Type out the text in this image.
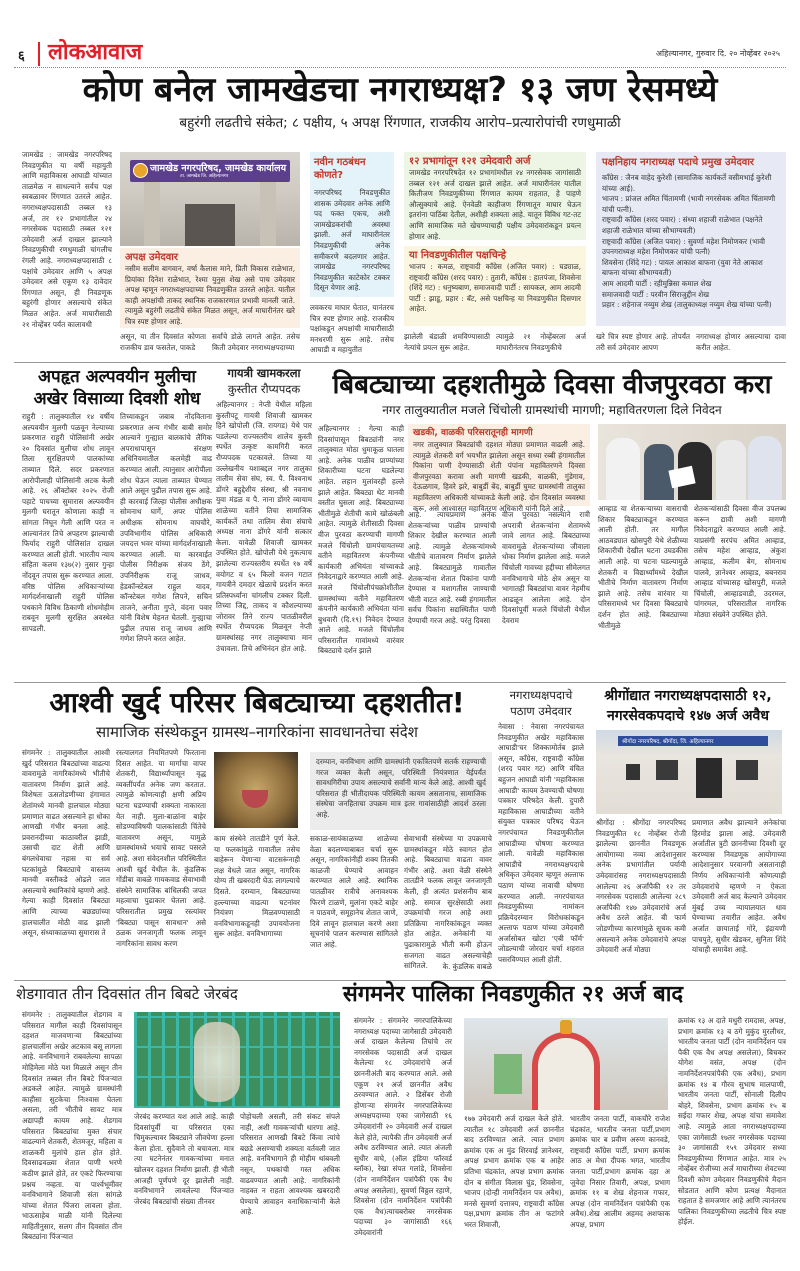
६ लोकआवाज	अहिल्यानगर, गुरुवार दि. २० नोव्हेंबर २०२५
कोण बनेल जामखेडचा नगराध्यक्ष? १३ जण रेसमध्ये
बहुरंगी लढतीचे संकेत; ८ पक्षीय, ५ अपक्ष रिंगणात, राजकीय आरोप–प्रत्यारोपांची रणधुमाळी
जामखेड : जामखेड नगरपरिषद निवडणुकीत या वर्षी महायुती आणि महाविकास आघाडी यांच्यात ताळमेळ न साधल्याने सर्वच पक्ष स्वबळावर रिंगणात उतरले आहेत. नगराध्यक्षपदासाठी तब्बल १३ अर्ज, तर १२ प्रभागांतील २४ नगरसेवक पदासाठी तब्बल १२१ उमेदवारी अर्ज दाखल झाल्याने निवडणुकीची रणधुमाळी चांगलीच रंगली आहे. नगराध्यक्षपदासाठी ८ पक्षांचे उमेदवार आणि ५ अपक्ष उमेदवार असे एकूण १३ दावेदार रिंगणात असून, ही निवडणूक बहुरंगी होणार असल्याचे संकेत मिळत आहेत. अर्ज माघारीसाठी २१ नोव्हेंबर पर्यंत कालावधी
जामखेड नगरपरिषद, जामखेड कार्यालय
ता. जामखेड जि. अहिल्यानगर
अपक्ष उमेदवार
नसीम सलीम बागवान, वर्षा कैलास माने, प्रिती विकास राळेभात, प्रियांका दिनेश राळेभात, रेश्मा युनुस शेख असे पाच उमेदवार अपक्ष म्हणून नगराध्यक्षपदाच्या निवडणुकीत उतरले आहेत. यातील काही अपक्षांची ताकद स्थानिक राजकारणात प्रभावी मानली जाते. त्यामुळे बहुरंगी लढतीचे संकेत मिळत असून, अर्ज माघारीनंतर खरे चित्र स्पष्ट होणार आहे.
असून, या तीन दिवसांत कोणता राजकीय डाव फसतेल, पाकडे
सर्वांचे डोळे लागले आहेत. तसेच किती उमेदवार नगराध्यक्षपदाच्या
नवीन गठबंधन कोणते?
नगरपरिषद निवडणुकीत शासक उमेदवार अनेक आणि पद फक्त एकच, अशी जामखेडकरांची अवस्था झाली. अर्ज माघारीनंतर निवडणुकीची अनेक समीकरणे बदलणार आहेत. जामखेड नगरपरिषद निवडणुकीत काटेकोर टक्कर दिसून येणार आहे.
लवकरच माघार घेतात, यानंतरच चित्र स्पष्ट होणार आहे. राजकीय पक्षांकडून अपक्षांची माघारीसाठी मनधरणी सुरू आहे. तसेच आघाडी व महायुतीत
१२ प्रभागांतून १२१ उमेदवारी अर्ज
जामखेड नगरपरिषदेत १२ प्रभागांमधील २४ नगरसेवक जागांसाठी तब्बल १२१ अर्ज दाखल झाले आहेत. अर्ज माघारीनंतर यातील कितीजण निवडणुकीच्या रिंगणात कायम राहतात, हे पाहणे औत्सुक्याचे आहे. ऐनवेळी काहीजण रिंगणातून माघार घेऊन इतरांना पाठिंबा देतील, अशीही शक्यता आहे. यातून विविध गट-तट आणि सामाजिक मते खेचण्याचाही पक्षीय उमेदवारांकडून प्रयत्न होणार आहे.
या निवडणुकीतील पक्षचिन्हे
भाजप : कमळ, राष्ट्रवादी काँग्रेस (अजित पवार) : घड्याळ, राष्ट्रवादी काँग्रेस (शरद पवार) : तुतारी, काँग्रेस : हातपंजा, शिवसेना (शिंदे गट) : धनुष्यबाण, समाजवादी पार्टी : सायकल, आम आदमी पार्टी : झाडू, प्रहार : बॅट, असे पक्षचिन्ह या निवडणुकीत दिसणार आहेत.
झालेली बंडाळी शमविण्यासाठी नेत्यांचे प्रयत्न सुरू आहेत.
त्यामुळे २१ नोव्हेंबरला अर्ज माघारीनंतरच निवडणुकीचे
पक्षनिहाय नगराध्यक्ष पदाचे प्रमुख उमेदवार
काँग्रेस : जैनब वाहेद कुरेशी (सामाजिक कार्यकर्ते वसीमभाई कुरेशी यांच्या आई).
भाजप : प्रांजल अमित चिंतामणी (भावी नगरसेवक अमित चिंतामणी यांची पत्नी).
राष्ट्रवादी काँग्रेस (शरद पवार) : संध्या शहाजी राळेभात (पक्षनेते शहाजी राळेभात यांच्या सौभाग्यवती)
राष्ट्रवादी काँग्रेस (अजित पवार) : सुवर्णा महेश निमोणकर (भावी उपनगराध्यक्ष महेश निमोणकर यांची पत्नी)
शिवसेना (शिंदे गट) : पायल आकाश बाफना (युवा नेते आकाश बाफना यांच्या सौभाग्यवती)
आम आदमी पार्टी : रहीमुन्निसा कमाल शेख
समाजवादी पार्टी : परवीन सिराजुद्दीन शेख
प्रहार : शहेनाज नय्युम शेख (तालुकाध्यक्ष नय्युम शेख यांच्या पत्नी)
खरे चित्र स्पष्ट होणार आहे. तोपर्यंत तरी सर्व उमेदवार आपण
नगराध्यक्ष होणार असल्याचा दावा करीत आहेत.
अपहृत अल्पवयीन मुलीचा अखेर विसाव्या दिवशी शोध
राहुरी : तालुक्यातील १४ वर्षीय अल्पवयीन मुलगी पळवून नेल्याच्या प्रकरणात राहुरी पोलिसांनी अखेर २० दिवसांत मुलीचा शोध लावून तिला सुरक्षितपणे पालकांच्या ताब्यात दिले. सदर प्रकरणात आरोपीलाही पोलिसांनी अटक केली आहे. २६ ऑक्टोबर २०२५ रोजी पहाटे पाचच्या सुमारास अल्पवयीन मुलगी घरातून कोणाला काही न सांगता निघून गेली आणि परत न आल्यानंतर तिचे अपहरण झाल्याची फिर्याद राहुरी पोलिसांत दाखल करण्यात आली होती. भारतीय न्याय संहिता कलम १३७(२) नुसार गुन्हा नोंदवून तपास सुरू करण्यात आला. वरिष्ठ पोलिस अधिकाऱ्यांच्या मार्गदर्शनाखाली राहुरी पोलिस पथकाने विविध ठिकाणी शोधमोहीम राबवून मुलगी सुरक्षित अवस्थेत सापडली.
तिच्याकडून जबाब नोंदविताना प्रकरणात अन्य गंभीर बाबी समोर आल्याने गुन्ह्यात बालकांचे लैंगिक अपराधापासून संरक्षण अधिनियमातील कलमेही वाढ करण्यात आली. त्यानुसार आरोपीला शोध घेऊन त्याला ताब्यात घेण्यात आले असून पुढील तपास सुरू आहे. ही कारवाई जिल्हा पोलीस अधीक्षक सोमनाथ घार्गे, अपर पोलिस अधीक्षक सोमनाथ वाघचौरे, उपविभागीय पोलिस अधिकारी जयदत्त भवर यांच्या मार्गदर्शनाखाली करण्यात आली. या कारवाईत पोलीस निरीक्षक संजय ठेंगे, उपनिरीक्षक राजू जाधव, हेडकॉन्स्टेबल राहुल यादव, कॉन्स्टेबल गणेश लिपने, सचिन ताजने, अनीता गुप्ते, वंदना पवार यांनी विशेष मेहनत घेतली. गुन्ह्याचा पुढील तपास राजू जाधव आणि गणेश लिपने करत आहेत.
गायत्री खामकरला
कुस्तीत रौप्यपदक
अहिल्यानगर : नेप्ती येथील महिला कुस्तीपटू गायत्री शिवाजी खामकर हिने खोपोली (जि. रायगड) येथे पार पडलेल्या राज्यस्तरीय शालेय कुस्ती स्पर्धेत उत्कृष्ट कामगिरी करत रौप्यपदक पटकावले. तिच्या या उल्लेखनीय यशाबद्दल नगर तालुका तालीम सेवा संघ, स्व. पै. विश्वनाथ डोंगरे बहुद्देशीय संस्था, श्री नवनाथ युवा मंडळ व पै. नाना डोंगरे व्यायाम शाळेच्या वतीने तिचा सामाजिक कार्यकर्ते तथा तालिम सेवा संघाचे अध्यक्ष नाना डोंगरे यांनी सत्कार केला. यावेळी शिवाजी खामकर उपस्थित होते. खोपोली येथे नुकत्याच झालेल्या राज्यस्तरीय स्पर्धेत १७ वर्षे वयोगट व ६५ किलो वजन गटात गायत्रीने दमदार खेळाचे प्रदर्शन करत प्रतिस्पर्ध्यांना चांगलीच टक्कर दिली. तिच्या जिद्द, ताकद व कौशल्याच्या जोरावर तिने राज्य पातळीवरील स्पर्धेत रौप्यपदक मिळवून नेप्ती ग्रामस्थांसह नगर तालुक्याचा मान उंचावला. तिचे अभिनंदन होत आहे.
बिबट्याच्या दहशतीमुळे दिवसा वीजपुरवठा करा
नगर तालुक्यातील मजले चिंचोली ग्रामस्थांची मागणी; महावितरणला दिले निवेदन
अहिल्यानगर : गेल्या काही दिवसांपासून बिबट्यांनी नगर तालुक्यात मोठा धुमाकूळ घातला आहे. अनेक पाळीव प्राण्यांच्या शिकारीच्या घटना घडलेल्या आहेत. लहान मुलांवरही हल्ले झाले आहेत. बिबट्या थेट मानवी वस्तीत घुसला आहे. बिबट्याच्या भीतीमुळे शेतीची कामे खोळंबली आहेत. त्यामुळे शेतीसाठी दिवसा वीज पुरवठा करण्याची मागणी मजले चिंचोली ग्रामपंचायतच्या वतीने महावितरण कंपनीच्या कार्यकारी अभियंता यांच्याकडे निवेदनाद्वारे करण्यात आली आहे. मजले चिंचोलीपंचक्रोशीतील ग्रामस्थांच्या वतीने महावितरण कंपनीने कार्यकारी अभियंता यांना बुधवारी (दि.१९) निवेदन देण्यात आले आहे. मजले चिंचोलीव परिसरातील गावांमध्ये वारंवार बिबट्याचे दर्शन झाले
खडकी, वाळकी परिसरातूनही मागणी
नगर तालुक्यात बिबट्यांची दहशत मोठ्या प्रमाणात वाढली आहे. त्यामुळे शेतकरी वर्ग भयभीत झालेला असून सध्या रब्बी हंगामातील पिकांना पाणी देण्यासाठी शेती पंपांना महावितरणने दिवसा वीजपुरवठा करावा अशी मागणी खडकी, वाळकी, गुंडेगाव, देऊळगाव, हिवरे झरे, बाबुर्डी बेंद, बाबुर्डी घुमट ग्रामस्थांनी तालुका महावितरण अधिकारी यांच्याकडे केली आहे. दोन दिवसांत व्यवस्था करू, असे आश्वासन महावितरण अधिकारी यांनी दिले आहे.
आहे. त्याचप्रमाणे अनेक शेतकऱ्यांच्या पाळीव प्राण्यांची शिकार देखील करण्यात आली आहे. त्यामुळे शेतकऱ्यांमध्ये भीतीचे वातावरण निर्माण झालेले आहे. बिबट्यामुळे गावातील शेतकऱ्यांना शेतात पिकांना पाणी देण्यास व मशागतीस जाण्याची भीती वाटत आहे. रब्बी हंगामातील सर्वच पिकांना सद्यस्थितीत पाणी देण्याची गरज आहे. परंतु दिवसा
वीज पुरवठा नसल्याने रात्री अपरात्री शेतकऱ्यांना शेतामध्ये जावे लागत आहे. बिबट्याच्या वावरामुळे शेतकऱ्यांच्या जीवाला धोका निर्माण झालेला आहे. मजले चिंचोली गावच्या हद्दीच्या सीमेलगत वनविभागाचे मोठे क्षेत्र असून या भागातही बिबट्यांचा वावर नेहमीच आढळून आलेला आहे. दोन दिवसांपूर्वी मजले चिंचोली येथील देवराम
आव्हाड या शेतकऱ्याच्या वासराची शिकार बिबट्याकडून करण्यात आली होती. तर मागील आठवड्यात खोसपुरी येथे शेळीच्या शिकारीची देखील घटना उघडकीस आली आहे. या घटना घडल्यामुळे शेतकरी व विद्यार्थ्यांमध्ये देखील भीतीचे निर्माण वातावरण निर्माण झाले आहे. तसेच वारंवार या परिसरामध्ये भर दिवसा बिबट्याचे दर्शन होत आहे. बिबट्याच्या भीतीमुळे
शेतकऱ्यांसाठी दिवसा वीज उपलब्ध करून द्यावी अशी मागणी निवेदनाद्वारे करण्यात आली आहे. याप्रसंगी सरपंच अमित आव्हाड, तसेच महेश आव्हाड, अंकुश आव्हाड, कलीम बेग, सोमनाथ पालवे, ज्ञानेश्वर आव्हाड, बबनराव आव्हाड यांच्यासह खोसपुरी, मजले चिंचोली, आव्हाडवाडी, उदरमल, पांगरमल, परिसरातील नागरिक मोठ्या संख्येने उपस्थित होते.
आश्वी खुर्द परिसर बिबट्याच्या दहशतीत!
सामाजिक संस्थेकडून ग्रामस्थ–नागरिकांना सावधानतेचा संदेश
संगमनेर : तालुक्यातील आश्वी खुर्द परिसरात बिबट्यांच्या वाढत्या वावरामुळे नागरिकांमध्ये भीतीचे वातावरण निर्माण झाले आहे. विशेषतः ऊसतोडणीच्या हंगामात शेतांमध्ये मानवी हालचाल मोठ्या प्रमाणात वाढत असल्याने हा धोका आणखी गंभीर बनला आहे. प्रवरानदीच्या काठावरील झाडी, उसाची दाट शेती आणि बंगलधेवाचा नहास या सर्व घटकांमुळे बिबट्याचे वास्तव्य मानवी वस्तीकडे ओढले जात असल्याचे स्थानिकांचे म्हणणे आहे. गेल्या काही दिवसांत बिबट्या आणि त्याच्या बछड्यांच्या हालचालीत मोठी वाढ झाली असून, संध्याकाळच्या सुमारास ते
रस्त्यालगत नियमितपणे फिरताना दिसत आहेत. या मार्गाचा वापर शेतकरी, विद्यार्थ्यांपासून वृद्ध व्यक्तींपर्यंत अनेक जण करतात. त्यामुळे कोणत्याही क्षणी अप्रिय घटना घडण्याची शक्यता नाकारता येत नाही. मुला-बाळांना बाहेर सोडण्याविषयी पालकांसाठी चिंतेचे वातावरण असून, यामुळे ग्रामस्थांमध्ये भयाचे सावट पसरले आहे. अशा संवेदनशील परिस्थितीत आश्वी खुर्द येथील के. कुंडलिक गोंडीबा वाबळे गायकवाड सेवाभावी संस्थेने सामाजिक बांधिलकी जपत महत्वाचा पुढाकार घेतला आहे. परिसरातील प्रमुख रस्त्यांवर 'बिबट्या पासून सावधान' असे ठळक जनजागृती फलक लावून नागरिकांना सावध करण
काम संस्थेने तातडीने पूर्ण केले. या फलकांमुळे गावातील तसेच बाहेरून येणाऱ्या वाटसरूंनाही लक्ष वेधले जात असून, नागरिक योग्य ती खबरदारी घेऊ लागल्याचे दिसते. दरम्यान, बिबट्याच्या हल्ल्याच्या वाढत्या घटनांवर नियंत्रण मिळवण्यासाठी वनविभागाकडूनही उपाययोजना सुरू आहेत. वनविभागाच्या
दरम्यान, वनविभाग आणि ग्रामस्थांनी एकत्रितपणे सतर्क राहण्याची गरज व्यक्त केली असून, परिस्थिती नियंत्रणात येईपर्यंत सावधगिरीचा उपाय असल्याचे सर्वांनी मान्य केले आहे. आश्वी खुर्द परिसरात ही भीतीदायक परिस्थिती कायम असतानाच, सामाजिक संस्थेचा जनहिताचा उपक्रम मात्र इतर गावांसाठीही आदर्श ठरला आहे.
सकाळ-सायंकाळच्या शाळेच्या वेळा बदलण्याबाबत चर्चा सुरू असून, नागरिकांनीही शक्य तितकी काळजी घेण्याचे आवाहन करण्यात आले आहे. स्थानिक पातळीवर रात्रीचे अनावश्यक फिरणे टाळणे, मुलांना एकटे बाहेर न पाठवणे, समूहानेच शेतात जाणे, दिवे लावून हालचाल करणे अशा सूचनांचे पालन करण्यास सांगितले जात आहे.
सेवाभावी संस्थेच्या या उपक्रमाचे ग्रामस्थांकडून मोठे स्वागत होत आहे. बिबट्याचा वाढता वावर गंभीर आहे. अशा वेळी संस्थेने तातडीने फलक लावून जनजागृती केली, ही अत्यंत प्रशंसनीय बाब आहे. समाज सुरक्षेसाठी अशा उपक्रमांची गरज आहे अशा प्रतिक्रिया नागरिकांकडून व्यक्त होत आहेत. अनेकांनी या पुढाकारामुळे भीती कमी होऊन सजगता वाढत असल्याचेही सांगितले.	के. कुंडलिक वाबळे
नगराध्यक्षपदाचे
पठाण उमेदवार
नेवासा : नेवासा नगरपंचायत निवडणुकीत अखेर महाविकास आघाडी'चर शिक्कामोर्तब झाले असून, काँग्रेस, राष्ट्रवादी काँग्रेस (शरद पवार गट) आणि वंचित बहुजन आघाडी यांनी 'महाविकास आघाडी' कायम ठेवण्याची घोषणा पत्रकार परिषदेत केली. दुपारी महाविकास आघाडीच्या वतीने संयुक्त पत्रकार परिषद घेऊन नगरपंचायत निवडणुकीतील आघाडीच्या घोषणा करण्यात आली. यावेळी महाविकास आघाडीचे नगराध्यक्षपदाचे अधिकृत उमेदवार म्हणून अल्ताफ पठाण यांच्या नावाची घोषणा करण्यात आली. नगरपंचायत निवडणुकीच्या नामांकन प्रक्रियेदरम्यान विरोधकांकडून अल्ताफ पठाण यांच्या उमेदवारी अर्जासोबत खोटा 'एबी फॉर्म' जोडल्याची जोरदार चर्चा शहरात पसरविण्यात आली होती.
श्रीगोंद्यात नगराध्यक्षपदासाठी १२,
नगरसेवकपदाचे १४७ अर्ज अवैध
श्रीगोंदा नगरपरिषद, श्रीगोंदा, जि. अहिल्यानगर
श्रीगोंदा : श्रीगोंदा नगरपरिषद निवडणुकीत १८ नोव्हेंबर रोजी झालेल्या छाननीत निवडणूक आयोगाच्या नव्या आदेशानुसार अनेक प्रभागांतील पर्यायी उमेदवारांसह नगराध्यक्षपदासाठी आलेल्या २६ अर्जांपैकी १२ तर नगरसेवक पदासाठी आलेल्या २८९ अर्जांपैकी १४७ उमेदवारांचे अर्ज अवैध ठरले आहेत. बी फार्म जोडणीच्या कारणांमुळे सूचक कमी असल्याने अनेक उमेदवारांचे अपक्ष उमेदवारी अर्ज मोठ्या
प्रमाणात अवैध झाल्याने अनेकांचा हिरमोड झाला आहे. उमेदवारी अर्जातील त्रुटी छाननीच्या दिवशी दूर करण्यास निवडणूक आयोगाच्या आदेशानुसार परवानगी असतानाही निर्णय अधिकाऱ्यांनी कोणत्याही उमेदवारांचे म्हणणे न ऐकता उमेदवारी अर्ज बाद केल्याने उमेदवार मुंबई उच्च न्यायालयात धाव घेण्याच्या तयारीत आहेत. अवैध अर्जात छायाताई गोरे, इंद्रायणी पाचपुते, सुधीर खेडकर, सुनिता शिंदे यांचाही समावेश आहे.
शेडगावात तीन दिवसांत तीन बिबटे जेरबंद
संगमनेर : तालुक्यातील शेडगाव व परिसरात मागील काही दिवसांपासून दहशत माजवणाऱ्या बिबट्यांच्या हालचालींना अखेर अटकाव बसू लागला आहे. वनविभागाने राबवलेल्या सापळा मोहिमेला मोठे यश मिळाले असून तीन दिवसांत तब्बल तीन बिबटे पिंजऱ्यात अडकले आहेत. त्यामुळे ग्रामस्थांनी काहीसा सुटकेचा निःश्वास घेतला असला, तरी भीतीचे सावट मात्र अद्यापही कायम आहे. शेडगाव परिसरात बिबट्यांचा मुक्त संचार वाढल्याने शेतकरी, शेतमजूर, महिला व शाळकरी मुलांचे हाल होत होते. दिवसाढवळ्या शेतात पाणी भरणे कठीण झाले होते, तर एकटे फिरण्याचा प्रश्नच नव्हता. या पार्श्वभूमीवर वनविभागाने शिवाजी संता सांगळे यांच्या शेतात पिंजरा लावला होता. भाऊसाहेब माळी यांनी दिलेल्या माहितीनुसार, सलग तीन दिवसांत तीन बिबट्यांना पिंजऱ्यात
जेरबंद करण्यात यश आले आहे. काही दिवसांपूर्वी या परिसरात एका चिमुकल्यावर बिबट्याने जीवघेणा हल्ला केला होता. सुदैवाने तो बचावला. मात्र त्या घटनेनंतर गावकऱ्यांच्या मनात खोलवर दहशत निर्माण झाली. ही भीती आजही पूर्णपणे दूर झालेली नाही. वनविभागाने लावलेल्या पिंजऱ्यात जेरबंद बिबट्यांची संख्या तीनवर
पोहोचली असली, तरी संकट संपले नाही, अशी गावकऱ्यांची धारणा आहे. परिसरात आणखी बिबटे किंवा त्यांचे बछडे असण्याची शक्यता वर्तवली जात आहे. वनविभागाने ही मोहीम थांबवली नसून, पथकांची गस्त अधिक वाढवण्यात आली आहे. नागरिकांनी नाहक्त न राहता आवश्यक खबरदारी घेण्याचे आवाहन वनाधिकाऱ्यांनी केले आहे.
संगमनेर पालिका निवडणुकीत २१ अर्ज बाद
संगमनेर : संगमनेर नगरपालिकेच्या नगराध्यक्ष पदाच्या जागेसाठी उमेदवारी अर्ज दाखल केलेल्या तिघांचे तर नगरसेवक पदासाठी अर्ज दाखल केलेल्या १८ उमेदवारांचे अर्ज छाननीअंती बाद करण्यात आले. असे एकूण २१ अर्ज छाननीत अवैध ठरवण्यात आले. २ डिसेंबर रोजी होणाऱ्या संगमनेर नगरपालिकेच्या अध्यक्षपदाच्या एका जागेसाठी १६ उमेदवारांनी २० उमेदवारी अर्ज दाखल केले होते, त्यापैकी तीन उमेदवारी अर्ज अवैध ठरविण्यात आले. त्यात अंजली सुधीर वाघे, (ऑल इंडिया फॉरवर्ड ब्लॉक), रेखा संपत गलांडे, शिवसेना (दोन नामनिर्देशन पत्रांपैकी एक वैध अपक्ष असलेला), सुवर्णा विठ्ठल रहाणे, शिवसेना (दोन नामनिर्देशन पत्रांपैकी एक वैध)त्याचबरोबर नगरसेवक पदाच्या ३० जागांसाठी १६६ उमेदवारांनी
१७७ उमेदवारी अर्ज दाखल केले होते. त्यातील १८ उमेदवारी अर्ज छाननीत बाद ठरविण्यात आले. त्यात प्रभाग क्रमांक एक अ मुंढ शिरवाई ज्ञानेश्वर, अपक्ष प्रभाग क्रमांक एक ब आहेर प्रतिभा चंद्रकांत, अपक्ष प्रभाग क्रमांक दोन ब संगीता विलास घुंड, शिवसेना, भाजप (दोन्ही नामनिर्देशन पत्र अवैध), मनसे सुवर्णा दत्तात्रय, राष्ट्रवादी काँग्रेस पक्ष,प्रभाग क्रमांक तीन अ फटांगरे भरत शिवाजी,
भारतीय जनता पार्टी, वाकचौरे राजेश चंद्रकांत, भारतीय जनता पार्टी,प्रभाग क्रमांक चार ब प्रवीण अरुण कानवडे, राष्ट्रवादी काँग्रेस पार्टी, प्रभाग क्रमांक आठ अ मेधा दीपक भगत, भारतीय जनता पार्टी,प्रभाग क्रमांक दहा अ जुवेदा निसार तिवारी, अपक्ष, प्रभाग क्रमांक ११ ब शेख शेहनाज गफार, अपक्ष (दोन नामनिर्देशन पत्रांपैकी एक अवैध).शेख आलीम अहमद अशफाक अपक्ष, प्रभाग
क्रमांक १३ अ दाते मधुरी रामदास, अपक्ष, प्रभाग क्रमांक १३ ब ठगे मुकुंद मुरलीधर, भारतीय जनता पार्टी (दोन नामनिर्देशन पत्र पैकी एक वैध अपक्ष असलेला), बिचकर योगेश वसंत, अपक्ष (दोन नामनिर्देशनपत्रांपैकी एक अवैध), प्रभाग क्रमांक १४ ब गौरव सुभाष मालपाणी, भारतीय जनता पार्टी, सोनाली दिलीप बोहरे, शिवसेना, प्रभाग क्रमांक १५ ब सईदा गफार शेख, अपक्ष यांचा समावेश आहे. त्यामुळे आता नगराध्यक्षपदाच्या एका जागेसाठी १७तर नगरसेवक पदाच्या ३० जागांसाठी १५९ उमेदवार सध्या निवडणुकीच्या रिंगणात आहेत. मात्र २५ नोव्हेंबर रोजीच्या अर्ज माघारीच्या शेवटच्या दिवशी कोण उमेदवार निवडणुकीचे मैदान सोडतात आणि कोण प्रत्यक्ष मैदानात राहतात हे समजणार आहे आणि त्यानंतरच पालिका निवडणुकीच्या लढतीचे चित्र स्पष्ट होईल.
